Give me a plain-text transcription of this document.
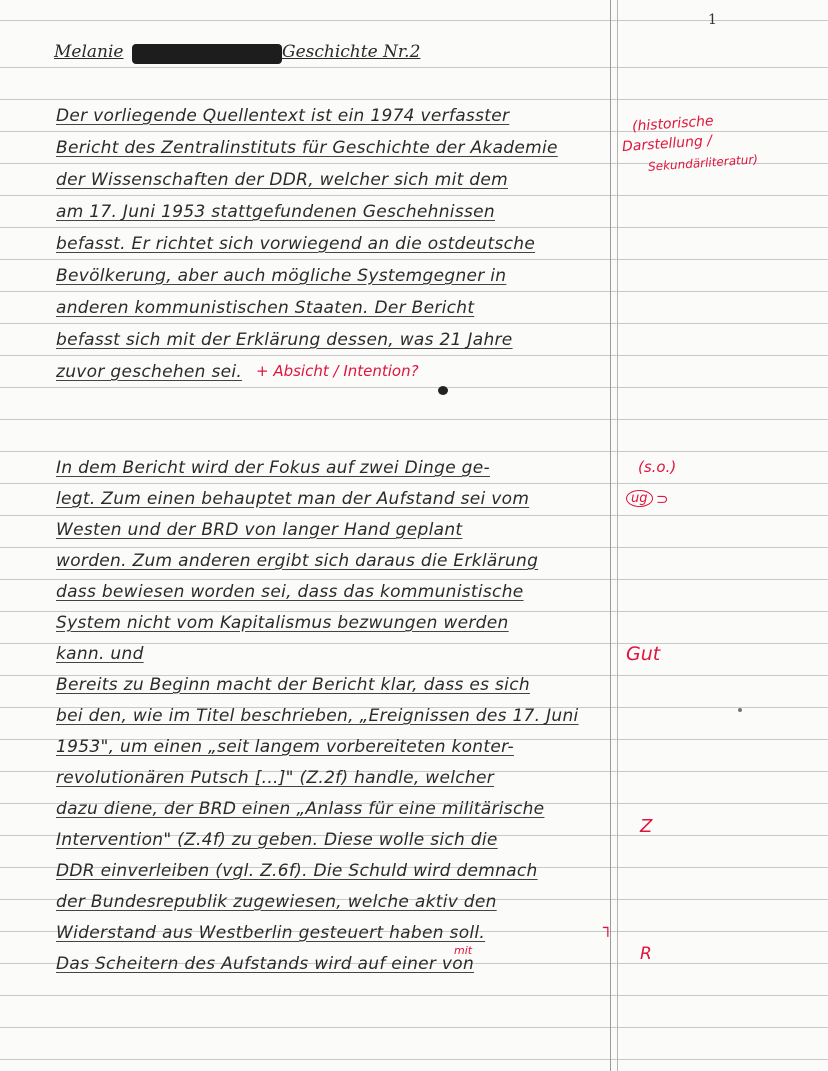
1
Melanie	Geschichte Nr.2
Der vorliegende Quellentext ist ein 1974 verfasster
Bericht des Zentralinstituts für Geschichte der Akademie
der Wissenschaften der DDR, welcher sich mit dem
am 17. Juni 1953 stattgefundenen Geschehnissen
befasst. Er richtet sich vorwiegend an die ostdeutsche
Bevölkerung, aber auch mögliche Systemgegner in
anderen kommunistischen Staaten. Der Bericht
befasst sich mit der Erklärung dessen, was 21 Jahre
zuvor geschehen sei. + Absicht / Intention?
In dem Bericht wird der Fokus auf zwei Dinge ge-
legt. Zum einen behauptet man der Aufstand sei vom
Westen und der BRD von langer Hand geplant
worden. Zum anderen ergibt sich daraus die Erklärung
dass bewiesen worden sei, dass das kommunistische
System nicht vom Kapitalismus bezwungen werden
kann. und
Bereits zu Beginn macht der Bericht klar, dass es sich
bei den, wie im Titel beschrieben, „Ereignissen des 17. Juni
1953", um einen „seit langem vorbereiteten konter-
revolutionären Putsch [...]" (Z.2f) handle, welcher
dazu diene, der BRD einen „Anlass für eine militärische
Intervention" (Z.4f) zu geben. Diese wolle sich die
DDR einverleiben (vgl. Z.6f). Die Schuld wird demnach
der Bundesrepublik zugewiesen, welche aktiv den
Widerstand aus Westberlin gesteuert haben soll.
Das Scheitern des Aufstands wird auf einer von
mit
(historische
Darstellung /
Sekundärliteratur)
(s.o.)
ug ⊃
Gut
Z
R
┐
